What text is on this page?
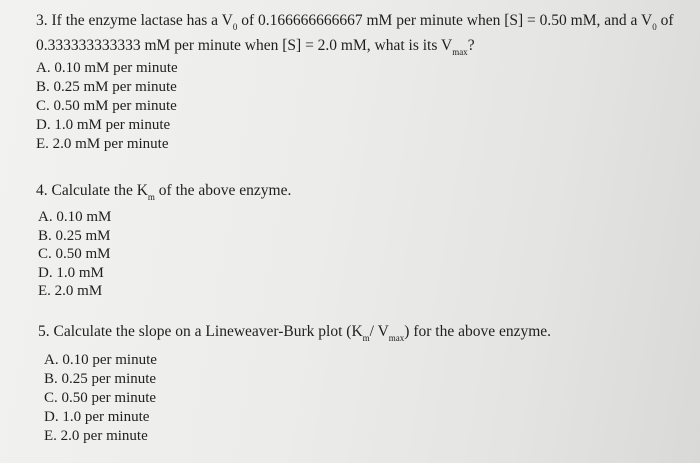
3. If the enzyme lactase has a $V_0$ of 0.166666666667 mM per minute when [S] = 0.50 mM, and a $V_0$ of
0.333333333333 mM per minute when [S] = 2.0 mM, what is its $V_{max}$?
A. 0.10 mM per minute
B. 0.25 mM per minute
C. 0.50 mM per minute
D. 1.0 mM per minute
E. 2.0 mM per minute
4. Calculate the $K_m$ of the above enzyme.
A. 0.10 mM
B. 0.25 mM
C. 0.50 mM
D. 1.0 mM
E. 2.0 mM
5. Calculate the slope on a Lineweaver-Burk plot ($K_m/$ $V_{max}$) for the above enzyme.
A. 0.10 per minute
B. 0.25 per minute
C. 0.50 per minute
D. 1.0 per minute
E. 2.0 per minute
